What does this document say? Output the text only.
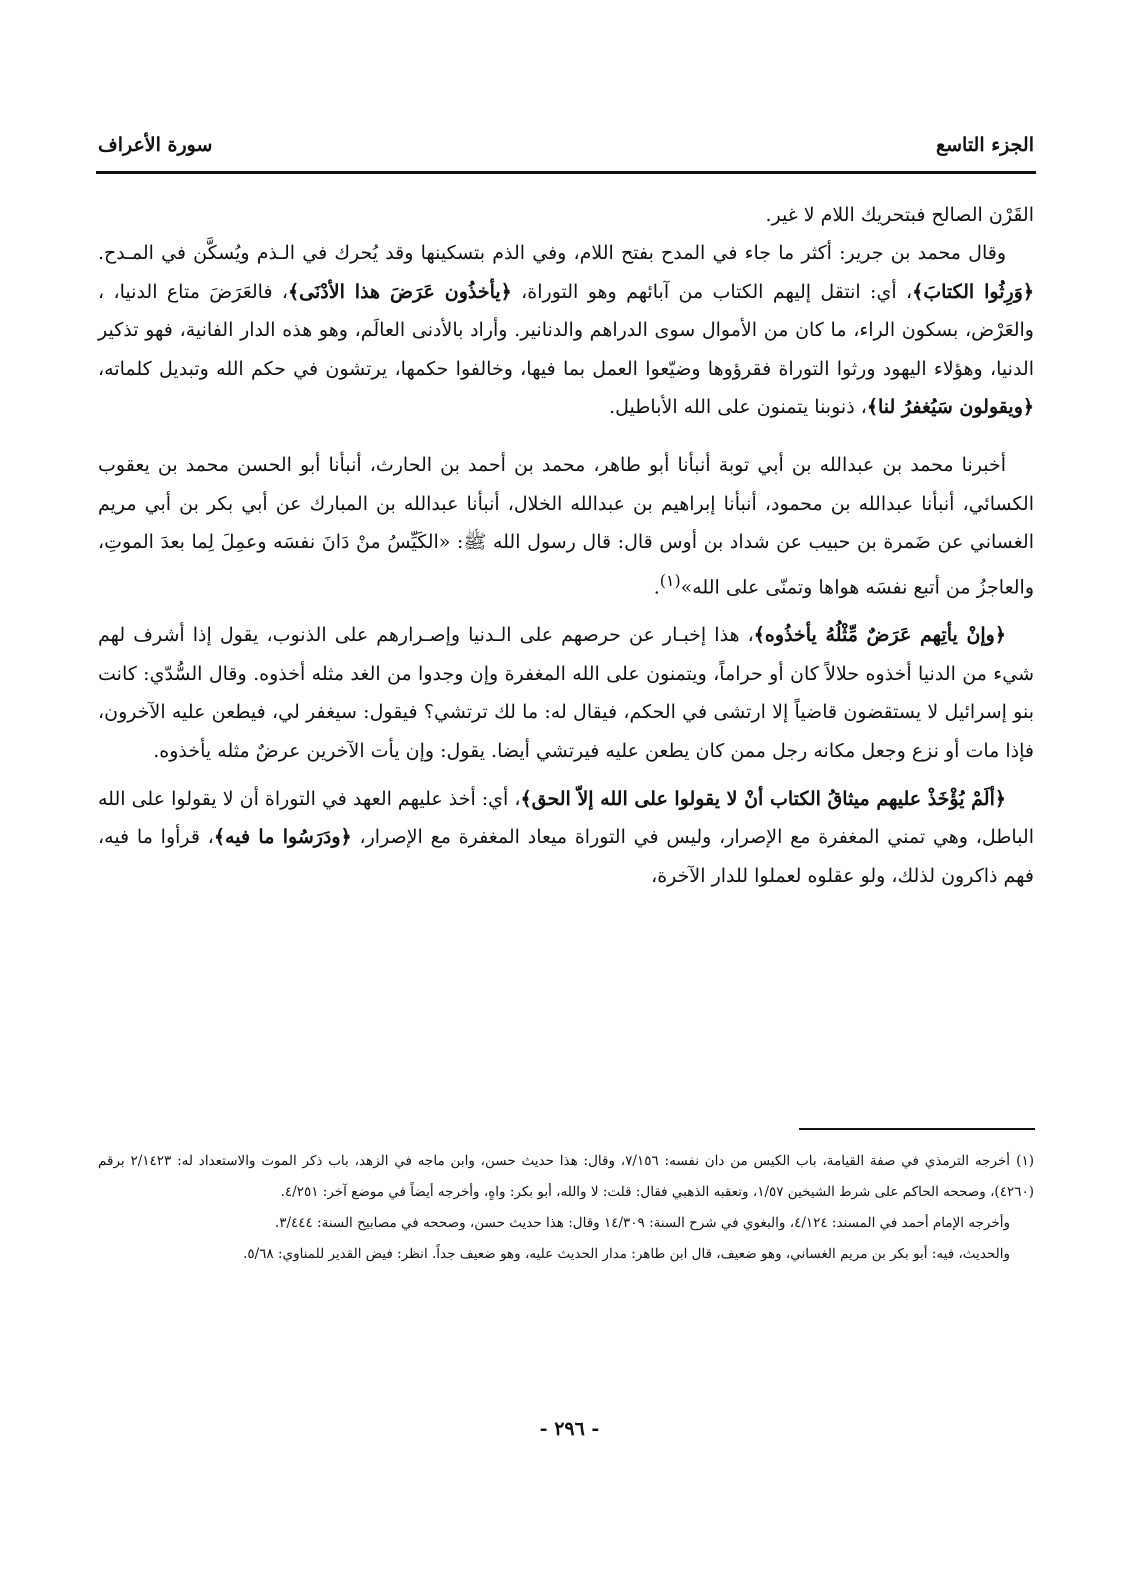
الجزء التاسع
سورة الأعراف

القَرْن الصالح فبتحريك اللام لا غير.

وقال محمد بن جرير: أكثر ما جاء في المدح بفتح اللام، وفي الذم بتسكينها وقد يُحرك في الـذم ويُسكَّن في المـدح. ﴿وَرِثُوا الكتابَ﴾، أي: انتقل إليهم الكتاب من آبائهم وهو التوراة، ﴿يأخذُون عَرَضَ هذا الأدْنَى﴾، فالعَرَضَ متاع الدنيا، ، والعَرْض، بسكون الراء، ما كان من الأموال سوى الدراهم والدنانير. وأراد بالأدنى العالَم، وهو هذه الدار الفانية، فهو تذكير الدنيا، وهؤلاء اليهود ورثوا التوراة فقرؤوها وضيّعوا العمل بما فيها، وخالفوا حكمها، يرتشون في حكم الله وتبديل كلماته، ﴿ويقولون سَيُغفرُ لنا﴾، ذنوبنا يتمنون على الله الأباطيل.

أخبرنا محمد بن عبدالله بن أبي توبة أنبأنا أبو طاهر، محمد بن أحمد بن الحارث، أنبأنا أبو الحسن محمد بن يعقوب الكسائي، أنبأنا عبدالله بن محمود، أنبأنا إبراهيم بن عبدالله الخلال، أنبأنا عبدالله بن المبارك عن أبي بكر بن أبي مريم الغساني عن ضَمرة بن حبيب عن شداد بن أوس قال: قال رسول الله ﷺ: «الكَيِّسُ منْ دَانَ نفسَه وعمِلَ لِما بعدَ الموتِ، والعاجزُ من أتبع نفسَه هواها وتمنّى على الله»$^{(١)}$.

﴿وإنْ يأتِهم عَرَضٌ مِّثْلُهُ يأخذُوه﴾، هذا إخبـار عن حرصهم على الـدنيا وإصـرارهم على الذنوب، يقول إذا أشرف لهم شيء من الدنيا أخذوه حلالاً كان أو حراماً، ويتمنون على الله المغفرة وإن وجدوا من الغد مثله أخذوه. وقال السُّدّي: كانت بنو إسرائيل لا يستقضون قاضياً إلا ارتشى في الحكم، فيقال له: ما لك ترتشي؟ فيقول: سيغفر لي، فيطعن عليه الآخرون، فإذا مات أو نزع وجعل مكانه رجل ممن كان يطعن عليه فيرتشي أيضا. يقول: وإن يأت الآخرين عرضٌ مثله يأخذوه.

﴿ألَمْ يُؤْخَذْ عليهم ميثاقُ الكتاب أنْ لا يقولوا على الله إلاّ الحق﴾، أي: أخذ عليهم العهد في التوراة أن لا يقولوا على الله الباطل، وهي تمني المغفرة مع الإصرار، وليس في التوراة ميعاد المغفرة مع الإصرار، ﴿ودَرَسُوا ما فيه﴾، قرأوا ما فيه، فهم ذاكرون لذلك، ولو عقلوه لعملوا للدار الآخرة،

(١)أخرجه الترمذي في صفة القيامة، باب الكيس من دان نفسه: ٧/١٥٦، وقال: هذا حديث حسن، وابن ماجه في الزهد، باب ذكر الموت والاستعداد له: ٢/١٤٢٣ برقم (٤٢٦٠)، وصححه الحاكم على شرط الشيخين ١/٥٧، وتعقبه الذهبي فقال: قلت: لا والله، أبو بكر: واهٍ، وأخرجه أيضاً في موضع آخر: ٤/٢٥١.

وأخرجه الإمام أحمد في المسند: ٤/١٢٤، والبغوي في شرح السنة: ١٤/٣٠٩ وقال: هذا حديث حسن، وصححه في مصابيح السنة: ٣/٤٤٤.

والحديث، فيه: أبو بكر بن مريم الغساني، وهو ضعيف، قال ابن طاهر: مدار الحديث عليه، وهو ضعيف جداً. انظر: فيض القدير للمناوي: ٥/٦٨.

- ٢٩٦ -
